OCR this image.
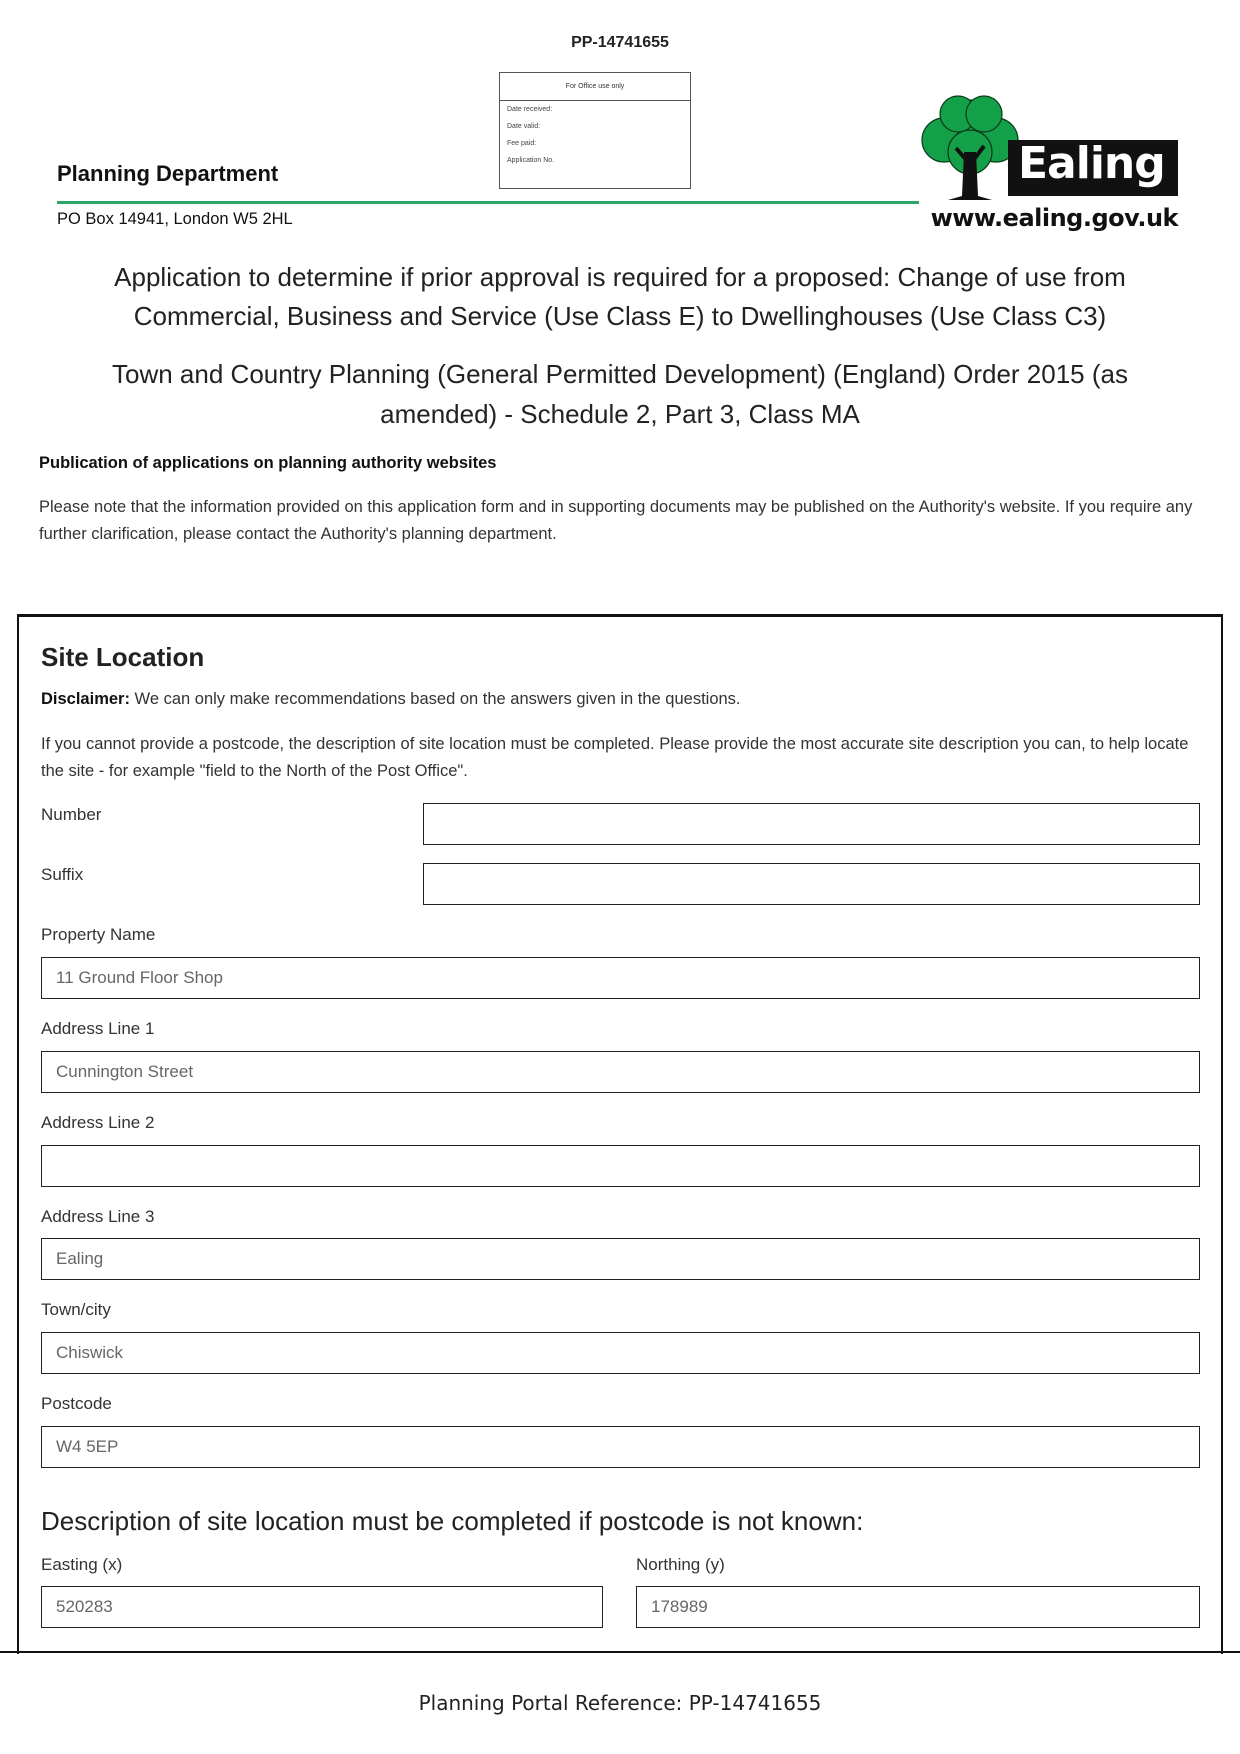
PP-14741655
For Office use only
Date received:
Date valid:
Fee paid:
Application No.
Planning Department
PO Box 14941, London W5 2HL
Ealing
www.ealing.gov.uk
Application to determine if prior approval is required for a proposed: Change of use from Commercial, Business and Service (Use Class E) to Dwellinghouses (Use Class C3)
Town and Country Planning (General Permitted Development) (England) Order 2015 (as amended) - Schedule 2, Part 3, Class MA
Publication of applications on planning authority websites
Please note that the information provided on this application form and in supporting documents may be published on the Authority's website. If you require any further clarification, please contact the Authority's planning department.
Site Location
Disclaimer: We can only make recommendations based on the answers given in the questions.
If you cannot provide a postcode, the description of site location must be completed. Please provide the most accurate site description you can, to help locate the site - for example "field to the North of the Post Office".
Number
Suffix
Property Name
11 Ground Floor Shop
Address Line 1
Cunnington Street
Address Line 2
Address Line 3
Ealing
Town/city
Chiswick
Postcode
W4 5EP
Description of site location must be completed if postcode is not known:
Easting (x)
520283
Northing (y)
178989
Planning Portal Reference: PP-14741655
